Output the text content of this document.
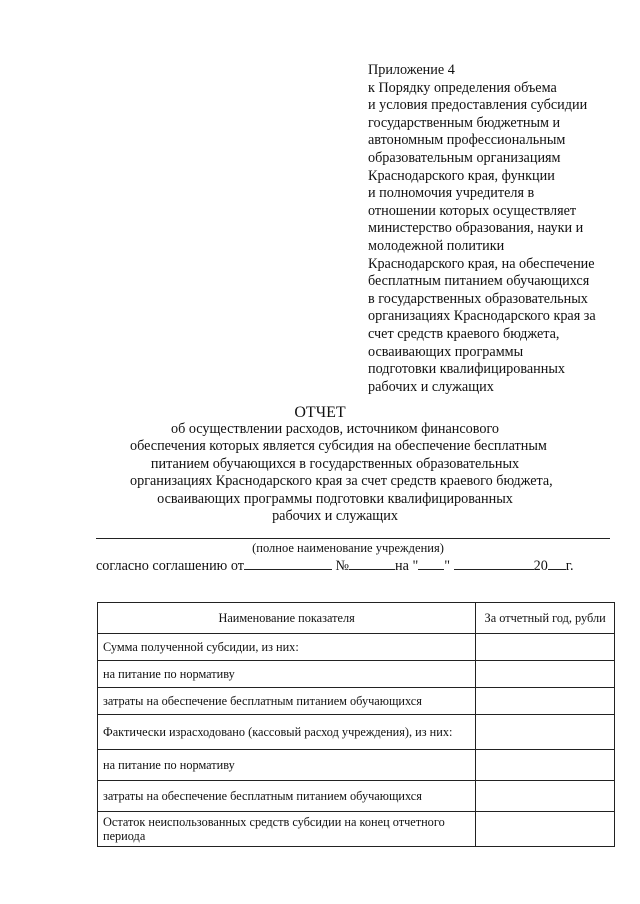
Приложение 4
к Порядку определения объема
и условия предоставления субсидии
государственным бюджетным и
автономным профессиональным
образовательным организациям
Краснодарского края, функции
и полномочия учредителя в
отношении которых осуществляет
министерство образования, науки и
молодежной политики
Краснодарского края, на обеспечение
бесплатным питанием обучающихся
в государственных образовательных
организациях Краснодарского края за
счет средств краевого бюджета,
осваивающих программы
подготовки квалифицированных
рабочих и служащих
ОТЧЕТ
об осуществлении расходов, источником финансового
обеспечения которых является субсидия на обеспечение бесплатным
питанием обучающихся в государственных образовательных
организациях Краснодарского края за счет средств краевого бюджета,
осваивающих программы подготовки квалифицированных
рабочих и служащих
(полное наименование учреждения)
согласно соглашению от	№	на " "	20 г.
Наименование показателя	За отчетный год, рубли
Сумма полученной субсидии, из них:	
на питание по нормативу	
затраты на обеспечение бесплатным питанием обучающихся	
Фактически израсходовано (кассовый расход учреждения), из них:	
на питание по нормативу	
затраты на обеспечение бесплатным питанием обучающихся	
Остаток неиспользованных средств субсидии на конец отчетного периода	
